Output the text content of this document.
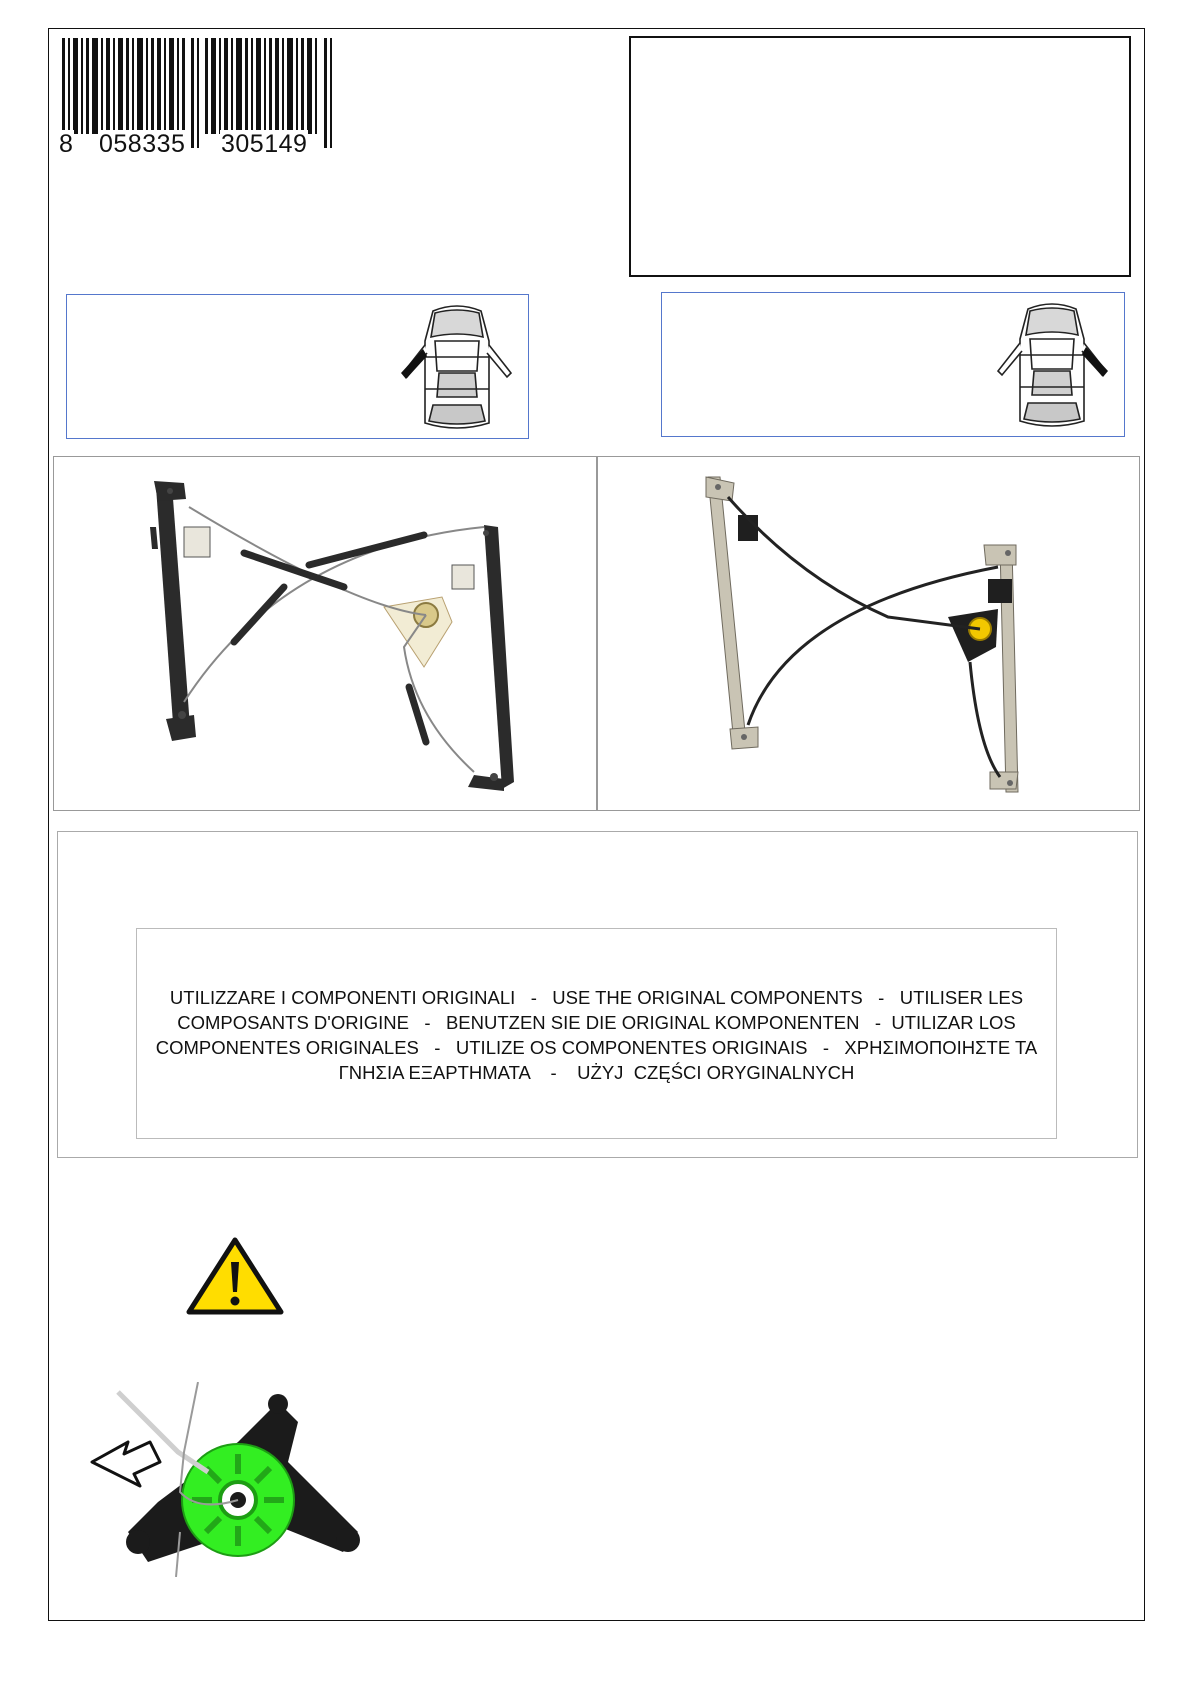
8 058335 305149
UTILIZZARE I COMPONENTI ORIGINALI   -   USE THE ORIGINAL COMPONENTS   -   UTILISER LES
COMPOSANTS D'ORIGINE   -   BENUTZEN SIE DIE ORIGINAL KOMPONENTEN   -  UTILIZAR LOS
COMPONENTES ORIGINALES   -   UTILIZE OS COMPONENTES ORIGINAIS   -   ΧΡΗΣΙΜΟΠΟΙΗΣΤΕ ΤΑ
ΓΝΗΣΙΑ ΕΞΑΡΤΗΜΑΤΑ    -    UŻYJ  CZĘŚCI ORYGINALNYCH
